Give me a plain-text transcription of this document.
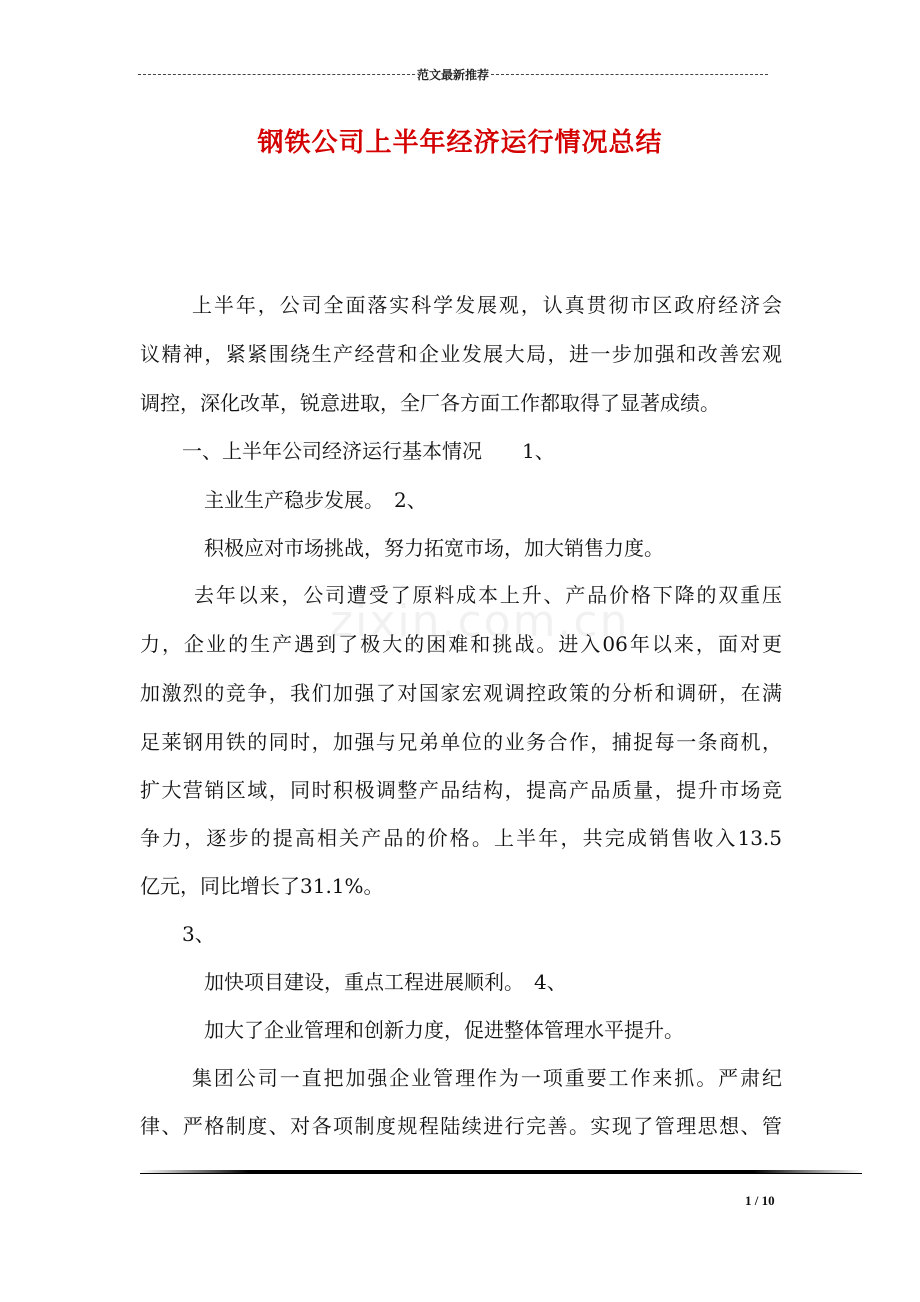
范文最新推荐
钢铁公司上半年经济运行情况总结
zixin.com.cn
上半年，公司全面落实科学发展观，认真贯彻市区政府经济会
议精神，紧紧围绕生产经营和企业发展大局，进一步加强和改善宏观
调控，深化改革，锐意进取，全厂各方面工作都取得了显著成绩。
一、上半年公司经济运行基本情况　　1、
主业生产稳步发展。　2、
积极应对市场挑战，努力拓宽市场，加大销售力度。
去年以来，公司遭受了原料成本上升、产品价格下降的双重压
力，企业的生产遇到了极大的困难和挑战。进入06年以来，面对更
加激烈的竞争，我们加强了对国家宏观调控政策的分析和调研，在满
足莱钢用铁的同时，加强与兄弟单位的业务合作，捕捉每一条商机，
扩大营销区域，同时积极调整产品结构，提高产品质量，提升市场竞
争力，逐步的提高相关产品的价格。上半年，共完成销售收入13.5
亿元，同比增长了31.1%。
3、
加快项目建设，重点工程进展顺利。　4、
加大了企业管理和创新力度，促进整体管理水平提升。
集团公司一直把加强企业管理作为一项重要工作来抓。严肃纪
律、严格制度、对各项制度规程陆续进行完善。实现了管理思想、管
1 / 10
